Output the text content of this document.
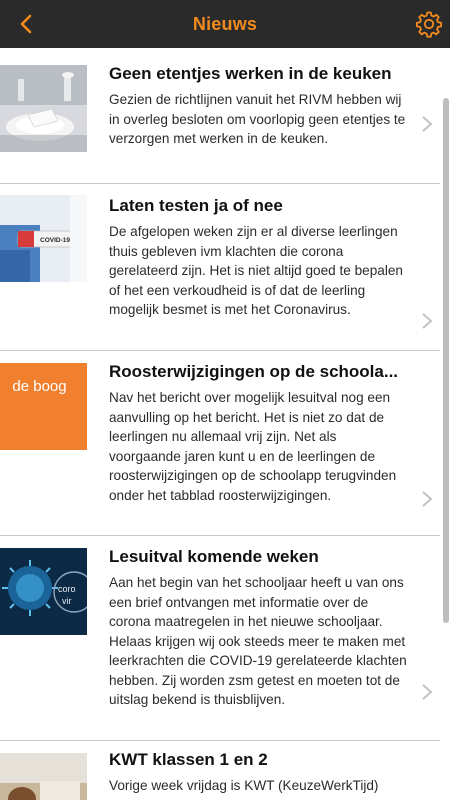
Nieuws
Geen etentjes werken in de keuken
Gezien de richtlijnen vanuit het RIVM hebben wij in overleg besloten om voorlopig geen etentjes te verzorgen met werken in de keuken.
COVID-19
Laten testen ja of nee
De afgelopen weken zijn er al diverse leerlingen thuis gebleven ivm klachten die corona gerelateerd zijn. Het is niet altijd goed te bepalen of het een verkoudheid is of dat de leerling mogelijk besmet is met het Coronavirus.
de boog
Roosterwijzigingen op de schoola...
Nav het bericht over mogelijk lesuitval nog een aanvulling op het bericht. Het is niet zo dat de leerlingen nu allemaal vrij zijn. Net als voorgaande jaren kunt u en de leerlingen de roosterwijzigingen op de schoolapp terugvinden onder het tabblad roosterwijzigingen.
coro
vir
Lesuitval komende weken
Aan het begin van het schooljaar heeft u van ons een brief ontvangen met informatie over de corona maatregelen in het nieuwe schooljaar. Helaas krijgen wij ook steeds meer te maken met leerkrachten die COVID-19 gerelateerde klachten hebben. Zij worden zsm getest en moeten tot de uitslag bekend is thuisblijven.
KWT klassen 1 en 2
Vorige week vrijdag is KWT (KeuzeWerkTijd)
